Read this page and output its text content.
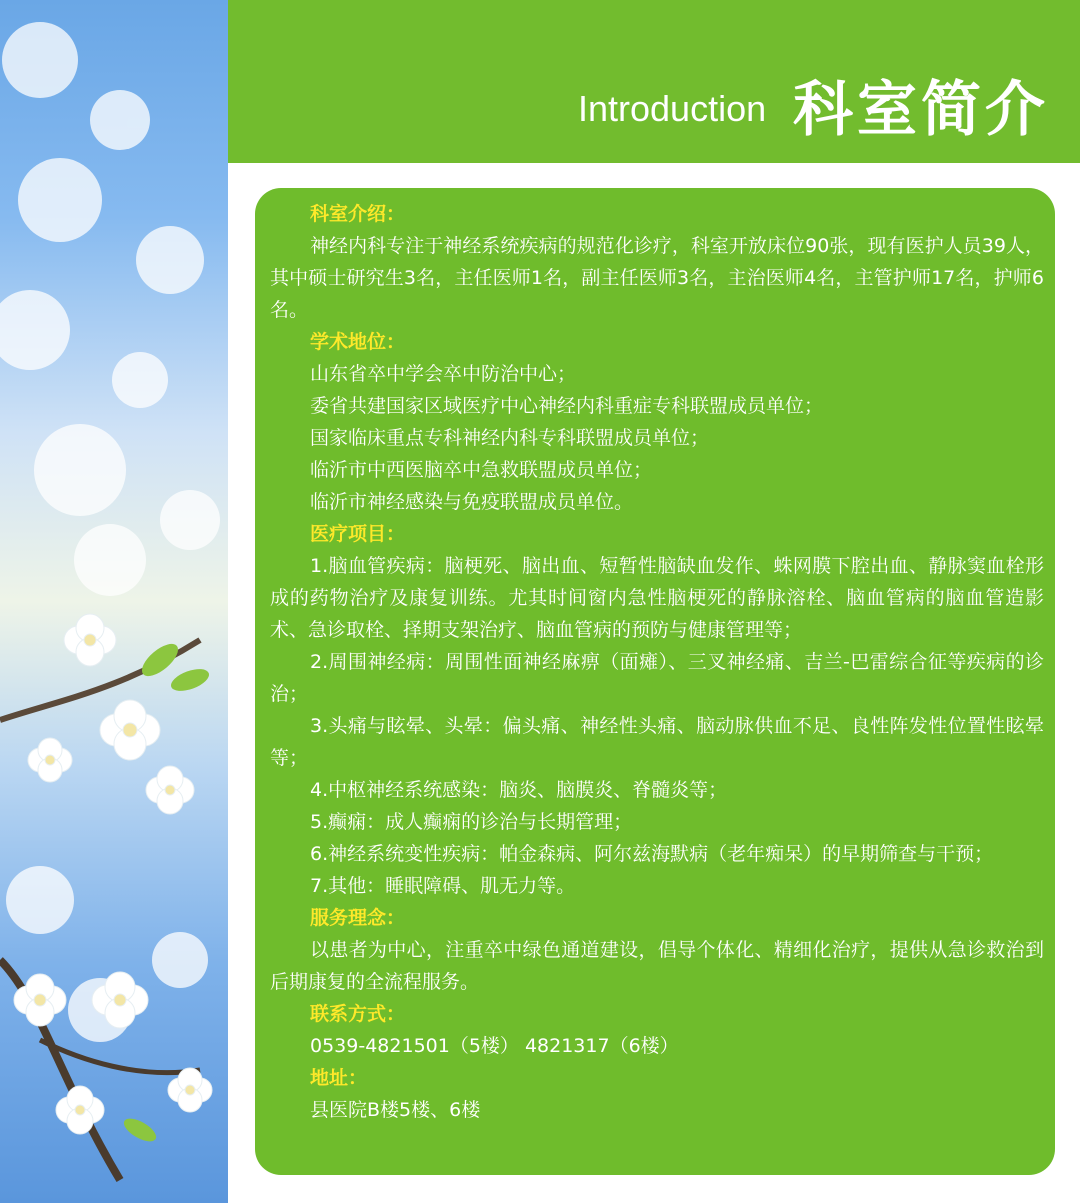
Introduction 科室简介

科室介绍：

神经内科专注于神经系统疾病的规范化诊疗，科室开放床位90张，现有医护人员39人，其中硕士研究生3名，主任医师1名，副主任医师3名，主治医师4名，主管护师17名，护师6名。

学术地位：

山东省卒中学会卒中防治中心；

委省共建国家区域医疗中心神经内科重症专科联盟成员单位；

国家临床重点专科神经内科专科联盟成员单位；

临沂市中西医脑卒中急救联盟成员单位；

临沂市神经感染与免疫联盟成员单位。

医疗项目：

1.脑血管疾病：脑梗死、脑出血、短暂性脑缺血发作、蛛网膜下腔出血、静脉窦血栓形成的药物治疗及康复训练。尤其时间窗内急性脑梗死的静脉溶栓、脑血管病的脑血管造影术、急诊取栓、择期支架治疗、脑血管病的预防与健康管理等；

2.周围神经病：周围性面神经麻痹（面瘫）、三叉神经痛、吉兰-巴雷综合征等疾病的诊治；

3.头痛与眩晕、头晕：偏头痛、神经性头痛、脑动脉供血不足、良性阵发性位置性眩晕等；

4.中枢神经系统感染：脑炎、脑膜炎、脊髓炎等；

5.癫痫：成人癫痫的诊治与长期管理；

6.神经系统变性疾病：帕金森病、阿尔兹海默病（老年痴呆）的早期筛查与干预；

7.其他：睡眠障碍、肌无力等。

服务理念：

以患者为中心，注重卒中绿色通道建设，倡导个体化、精细化治疗，提供从急诊救治到后期康复的全流程服务。

联系方式：

0539-4821501（5楼） 4821317（6楼）

地址：

县医院B楼5楼、6楼
